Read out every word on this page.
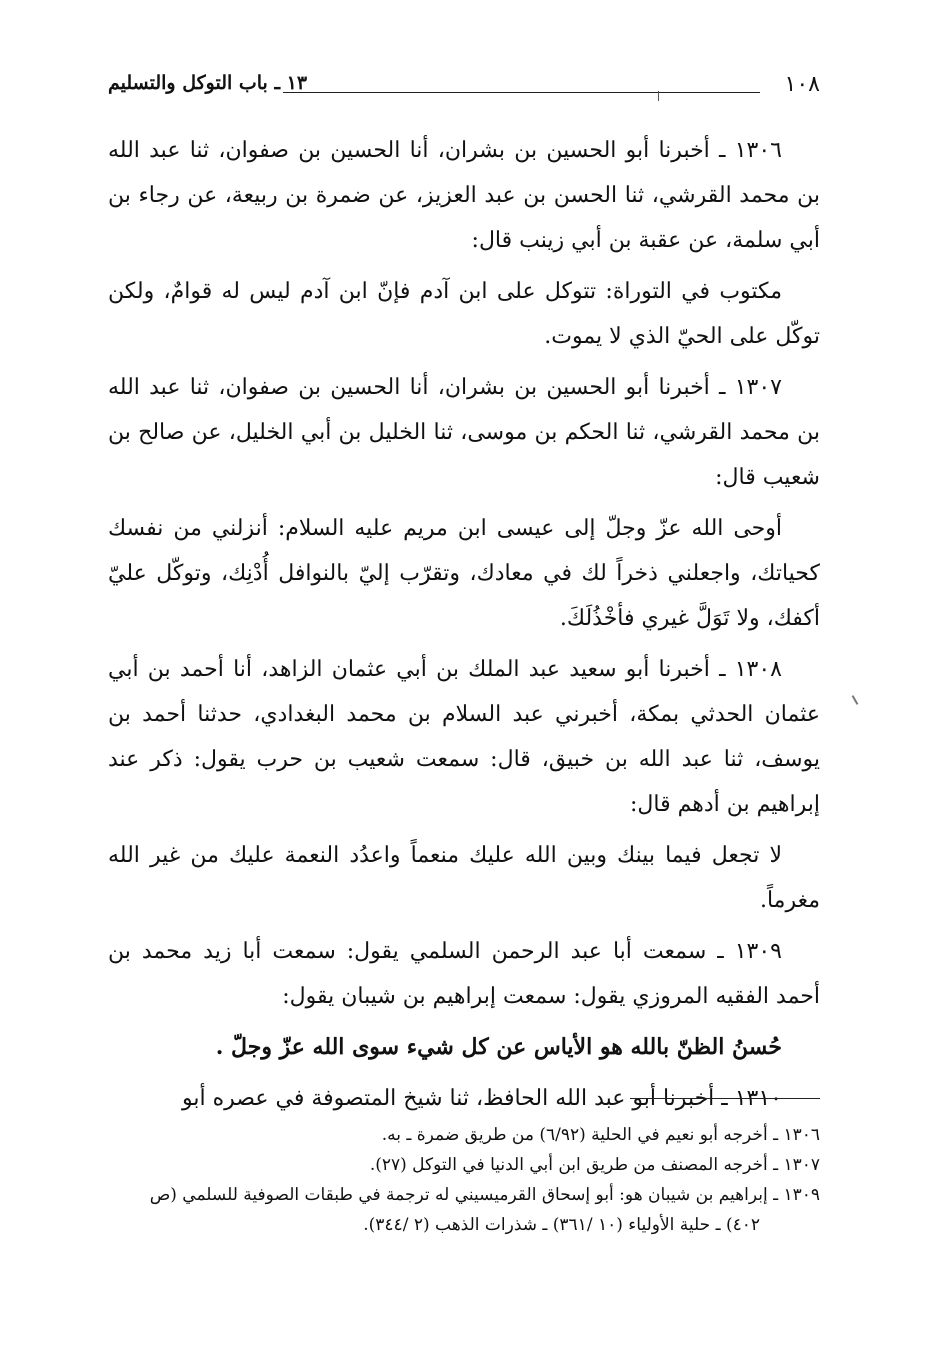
١٠٨
١٣ ـ باب التوكل والتسليم

١٣٠٦ ـ أخبرنا أبو الحسين بن بشران، أنا الحسين بن صفوان، ثنا عبد الله بن محمد القرشي، ثنا الحسن بن عبد العزيز، عن ضمرة بن ربيعة، عن رجاء بن أبي سلمة، عن عقبة بن أبي زينب قال:

مكتوب في التوراة: تتوكل على ابن آدم فإنّ ابن آدم ليس له قوامٌ، ولكن توكّل على الحيّ الذي لا يموت.

١٣٠٧ ـ أخبرنا أبو الحسين بن بشران، أنا الحسين بن صفوان، ثنا عبد الله بن محمد القرشي، ثنا الحكم بن موسى، ثنا الخليل بن أبي الخليل، عن صالح بن شعيب قال:

أوحى الله عزّ وجلّ إلى عيسى ابن مريم عليه السلام: أنزلني من نفسك كحياتك، واجعلني ذخراً لك في معادك، وتقرّب إليّ بالنوافل أُدْنِك، وتوكّل عليّ أكفك، ولا تَوَلَّ غيري فأخْذُلَكَ.

١٣٠٨ ـ أخبرنا أبو سعيد عبد الملك بن أبي عثمان الزاهد، أنا أحمد بن أبي عثمان الحدثي بمكة، أخبرني عبد السلام بن محمد البغدادي، حدثنا أحمد بن يوسف، ثنا عبد الله بن خبيق، قال: سمعت شعيب بن حرب يقول: ذكر عند إبراهيم بن أدهم قال:

لا تجعل فيما بينك وبين الله عليك منعماً واعدُد النعمة عليك من غير الله مغرماً.

١٣٠٩ ـ سمعت أبا عبد الرحمن السلمي يقول: سمعت أبا زيد محمد بن أحمد الفقيه المروزي يقول: سمعت إبراهيم بن شيبان يقول:

حُسنُ الظنّ بالله هو الأياس عن كل شيء سوى الله عزّ وجلّ .

١٣١٠ ـ أخبرنا أبو عبد الله الحافظ، ثنا شيخ المتصوفة في عصره أبو

١٣٠٦ ـ أخرجه أبو نعيم في الحلية (٦/٩٢) من طريق ضمرة ـ به.

١٣٠٧ ـ أخرجه المصنف من طريق ابن أبي الدنيا في التوكل (٢٧).

١٣٠٩ ـ إبراهيم بن شيبان هو: أبو إسحاق القرميسيني له ترجمة في طبقات الصوفية للسلمي (ص

٤٠٢) ـ حلية الأولياء (١٠ /٣٦١) ـ شذرات الذهب (٢ /٣٤٤).
